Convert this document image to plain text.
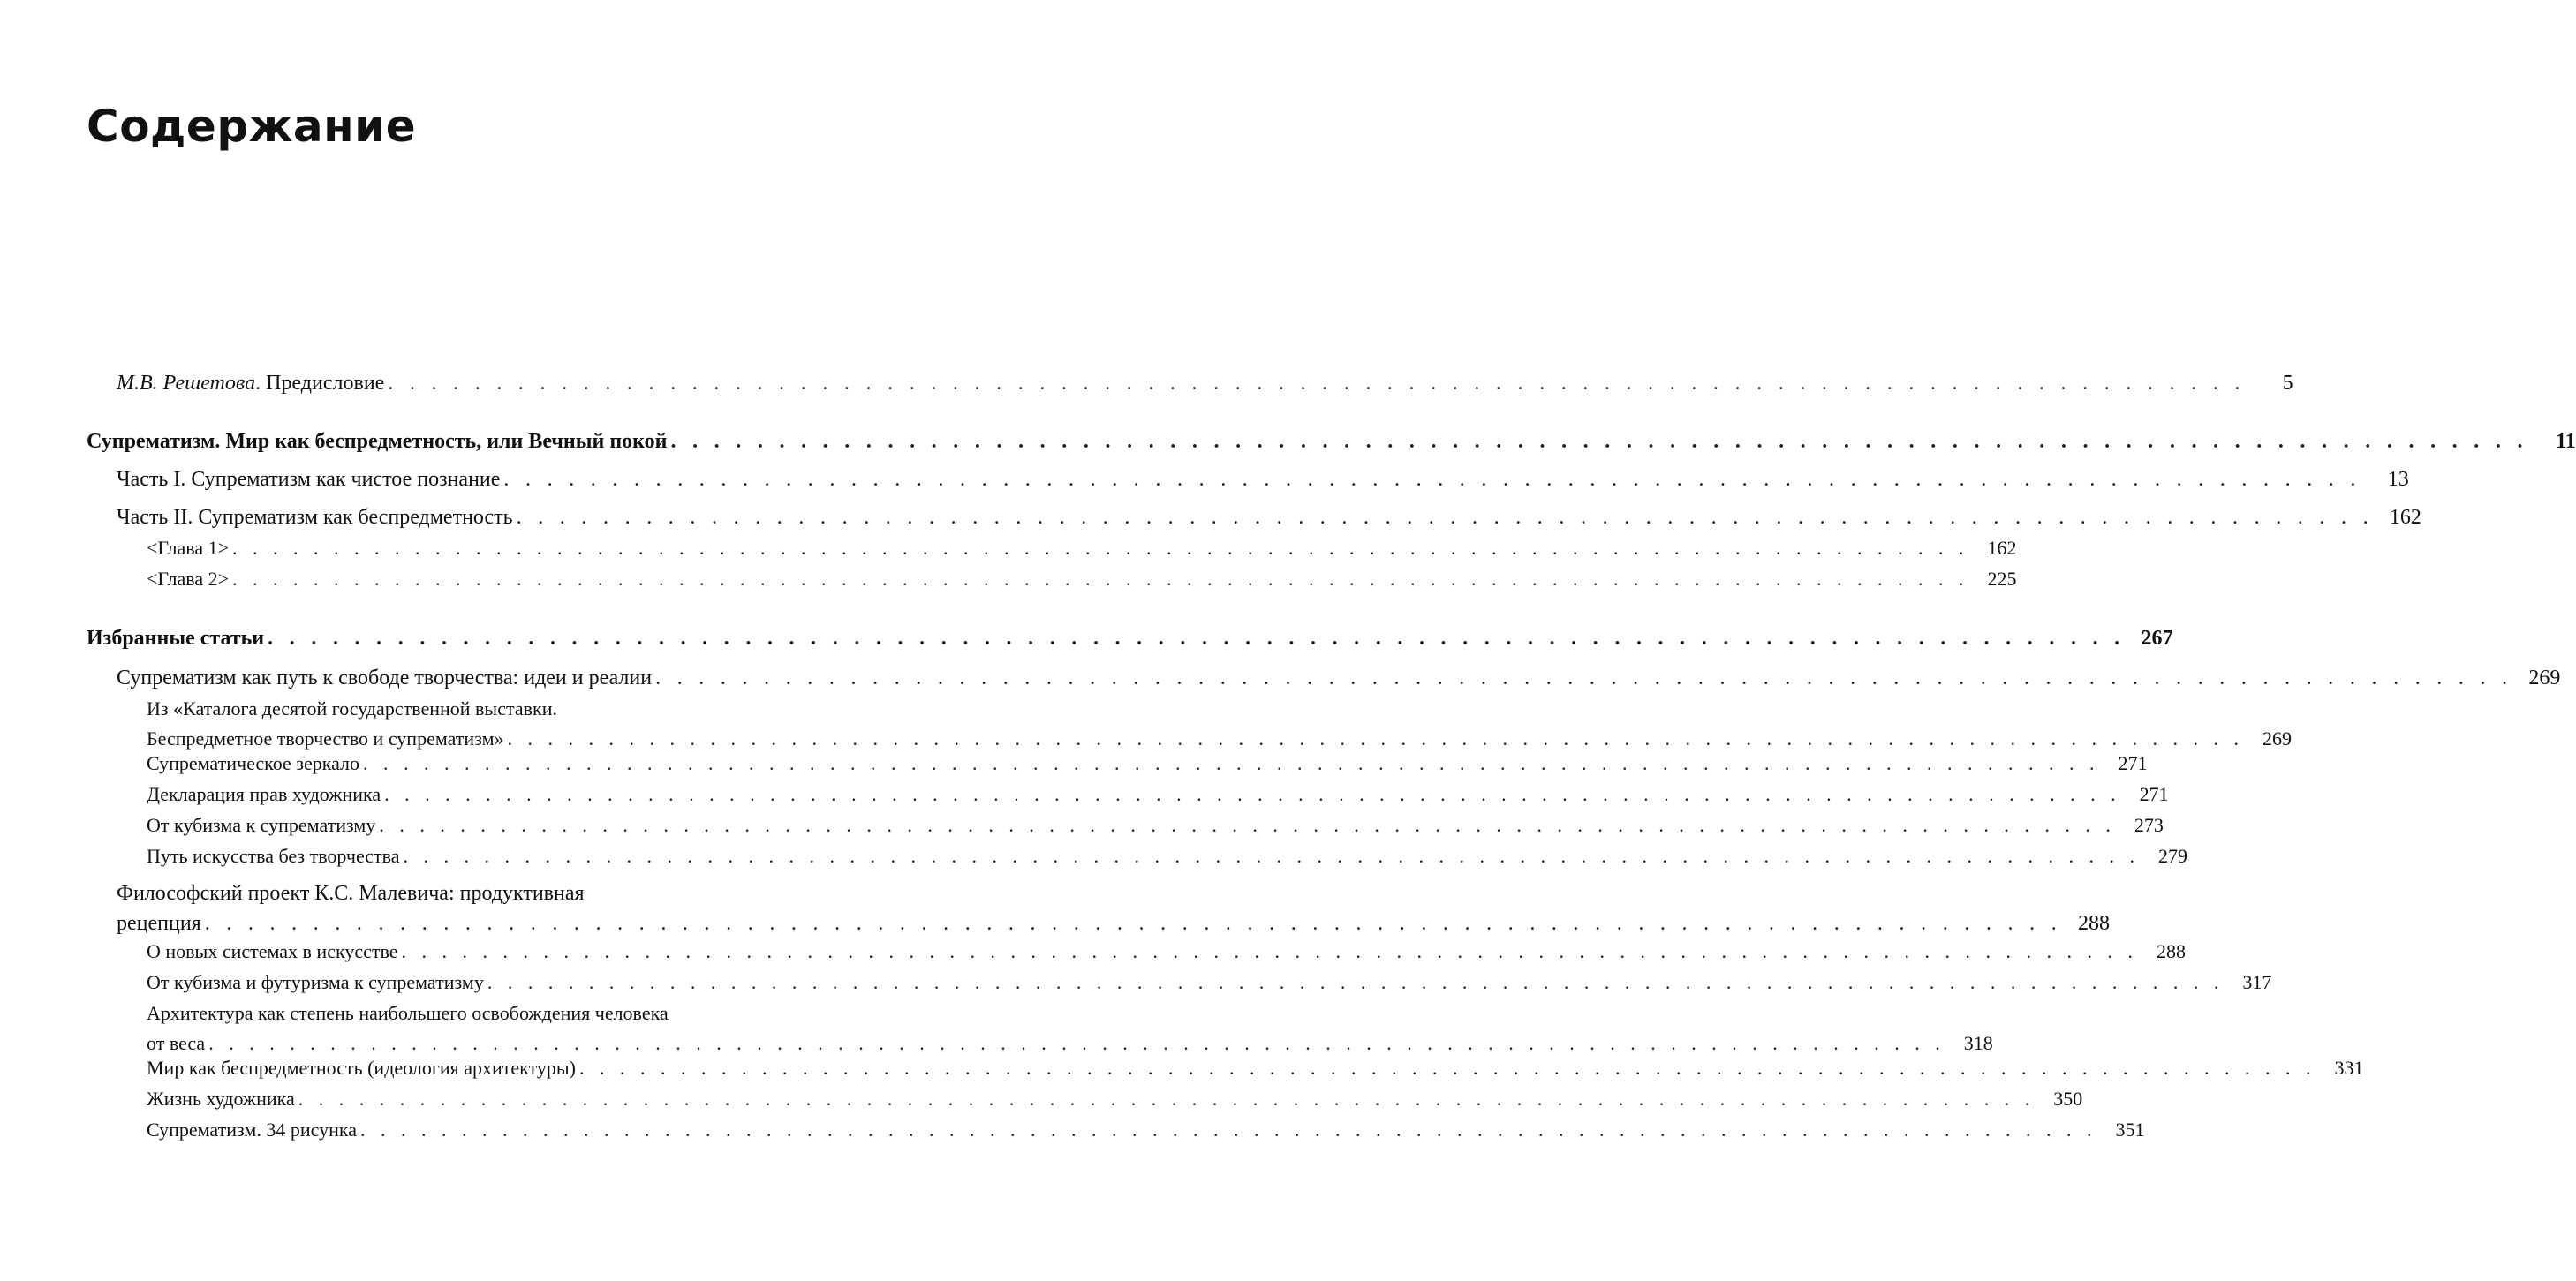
Содержание
М.В. Решетова. Предисловие . . . . . . . . . . . . . . . . . . . . . . . . . . . . . . . . . . . . . . . . . . . . . . . . . . . . . . . . . . . . . . . . . . . . . . . . . . . . . . . . . . . . . .	5
Супрематизм. Мир как беспредметность, или Вечный покой . . . . . . . . . . . . . . . . . . . . . . . . . . . . . . . . . . . . . . . . . . . . . . . . . . . . . . . . . . . . . . . . . . . . . . . . . . . . . . . . . . . . . .	11
Часть I. Супрематизм как чистое познание . . . . . . . . . . . . . . . . . . . . . . . . . . . . . . . . . . . . . . . . . . . . . . . . . . . . . . . . . . . . . . . . . . . . . . . . . . . . . . . . . . . . . .	13
Часть II. Супрематизм как беспредметность . . . . . . . . . . . . . . . . . . . . . . . . . . . . . . . . . . . . . . . . . . . . . . . . . . . . . . . . . . . . . . . . . . . . . . . . . . . . . . . . . . . . . . 162
<Глава 1> . . . . . . . . . . . . . . . . . . . . . . . . . . . . . . . . . . . . . . . . . . . . . . . . . . . . . . . . . . . . . . . . . . . . . . . . . . . . . . . . . . . . . . 162
<Глава 2> . . . . . . . . . . . . . . . . . . . . . . . . . . . . . . . . . . . . . . . . . . . . . . . . . . . . . . . . . . . . . . . . . . . . . . . . . . . . . . . . . . . . . . 225
Избранные статьи . . . . . . . . . . . . . . . . . . . . . . . . . . . . . . . . . . . . . . . . . . . . . . . . . . . . . . . . . . . . . . . . . . . . . . . . . . . . . . . . . . . . . . 267
Супрематизм как путь к свободе творчества: идеи и реалии . . . . . . . . . . . . . . . . . . . . . . . . . . . . . . . . . . . . . . . . . . . . . . . . . . . . . . . . . . . . . . . . . . . . . . . . . . . . . . . . . . . . . . 269
Из «Каталога десятой государственной выставки.
Беспредметное творчество и супрематизм» . . . . . . . . . . . . . . . . . . . . . . . . . . . . . . . . . . . . . . . . . . . . . . . . . . . . . . . . . . . . . . . . . . . . . . . . . . . . . . . . . . . . . . 269
Супрематическое зеркало . . . . . . . . . . . . . . . . . . . . . . . . . . . . . . . . . . . . . . . . . . . . . . . . . . . . . . . . . . . . . . . . . . . . . . . . . . . . . . . . . . . . . . 271
Декларация прав художника . . . . . . . . . . . . . . . . . . . . . . . . . . . . . . . . . . . . . . . . . . . . . . . . . . . . . . . . . . . . . . . . . . . . . . . . . . . . . . . . . . . . . . 271
От кубизма к супрематизму . . . . . . . . . . . . . . . . . . . . . . . . . . . . . . . . . . . . . . . . . . . . . . . . . . . . . . . . . . . . . . . . . . . . . . . . . . . . . . . . . . . . . . 273
Путь искусства без творчества . . . . . . . . . . . . . . . . . . . . . . . . . . . . . . . . . . . . . . . . . . . . . . . . . . . . . . . . . . . . . . . . . . . . . . . . . . . . . . . . . . . . . . 279
Философский проект К.С. Малевича: продуктивная
рецепция . . . . . . . . . . . . . . . . . . . . . . . . . . . . . . . . . . . . . . . . . . . . . . . . . . . . . . . . . . . . . . . . . . . . . . . . . . . . . . . . . . . . . . 288
О новых системах в искусстве . . . . . . . . . . . . . . . . . . . . . . . . . . . . . . . . . . . . . . . . . . . . . . . . . . . . . . . . . . . . . . . . . . . . . . . . . . . . . . . . . . . . . . 288
От кубизма и футуризма к супрематизму . . . . . . . . . . . . . . . . . . . . . . . . . . . . . . . . . . . . . . . . . . . . . . . . . . . . . . . . . . . . . . . . . . . . . . . . . . . . . . . . . . . . . . 317
Архитектура как степень наибольшего освобождения человека
от веса . . . . . . . . . . . . . . . . . . . . . . . . . . . . . . . . . . . . . . . . . . . . . . . . . . . . . . . . . . . . . . . . . . . . . . . . . . . . . . . . . . . . . . 318
Мир как беспредметность (идеология архитектуры) . . . . . . . . . . . . . . . . . . . . . . . . . . . . . . . . . . . . . . . . . . . . . . . . . . . . . . . . . . . . . . . . . . . . . . . . . . . . . . . . . . . . . . 331
Жизнь художника . . . . . . . . . . . . . . . . . . . . . . . . . . . . . . . . . . . . . . . . . . . . . . . . . . . . . . . . . . . . . . . . . . . . . . . . . . . . . . . . . . . . . . 350
Супрематизм. 34 рисунка . . . . . . . . . . . . . . . . . . . . . . . . . . . . . . . . . . . . . . . . . . . . . . . . . . . . . . . . . . . . . . . . . . . . . . . . . . . . . . . . . . . . . . 351
